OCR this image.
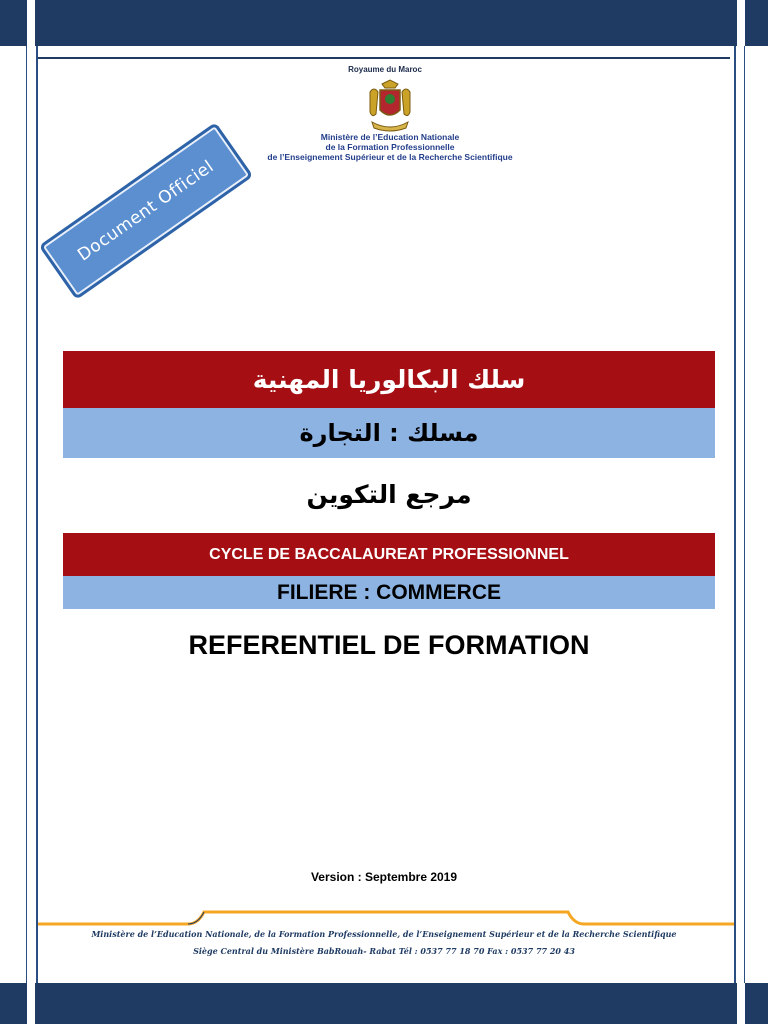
Royaume du Maroc
Ministère de l’Education Nationale
de la Formation Professionnelle
de l’Enseignement Supérieur et de la Recherche Scientifique
Document Officiel
سلك البكالوريا المهنية
مسلك : التجارة
مرجع التكوين
CYCLE DE BACCALAUREAT PROFESSIONNEL
FILIERE : COMMERCE
REFERENTIEL DE FORMATION
Version : Septembre 2019
Ministère de l’Education Nationale, de la Formation Professionnelle, de l’Enseignement Supérieur et de la Recherche Scientifique
Siège Central du Ministère BabRouah- Rabat Tél : 0537 77 18 70 Fax : 0537 77 20 43
